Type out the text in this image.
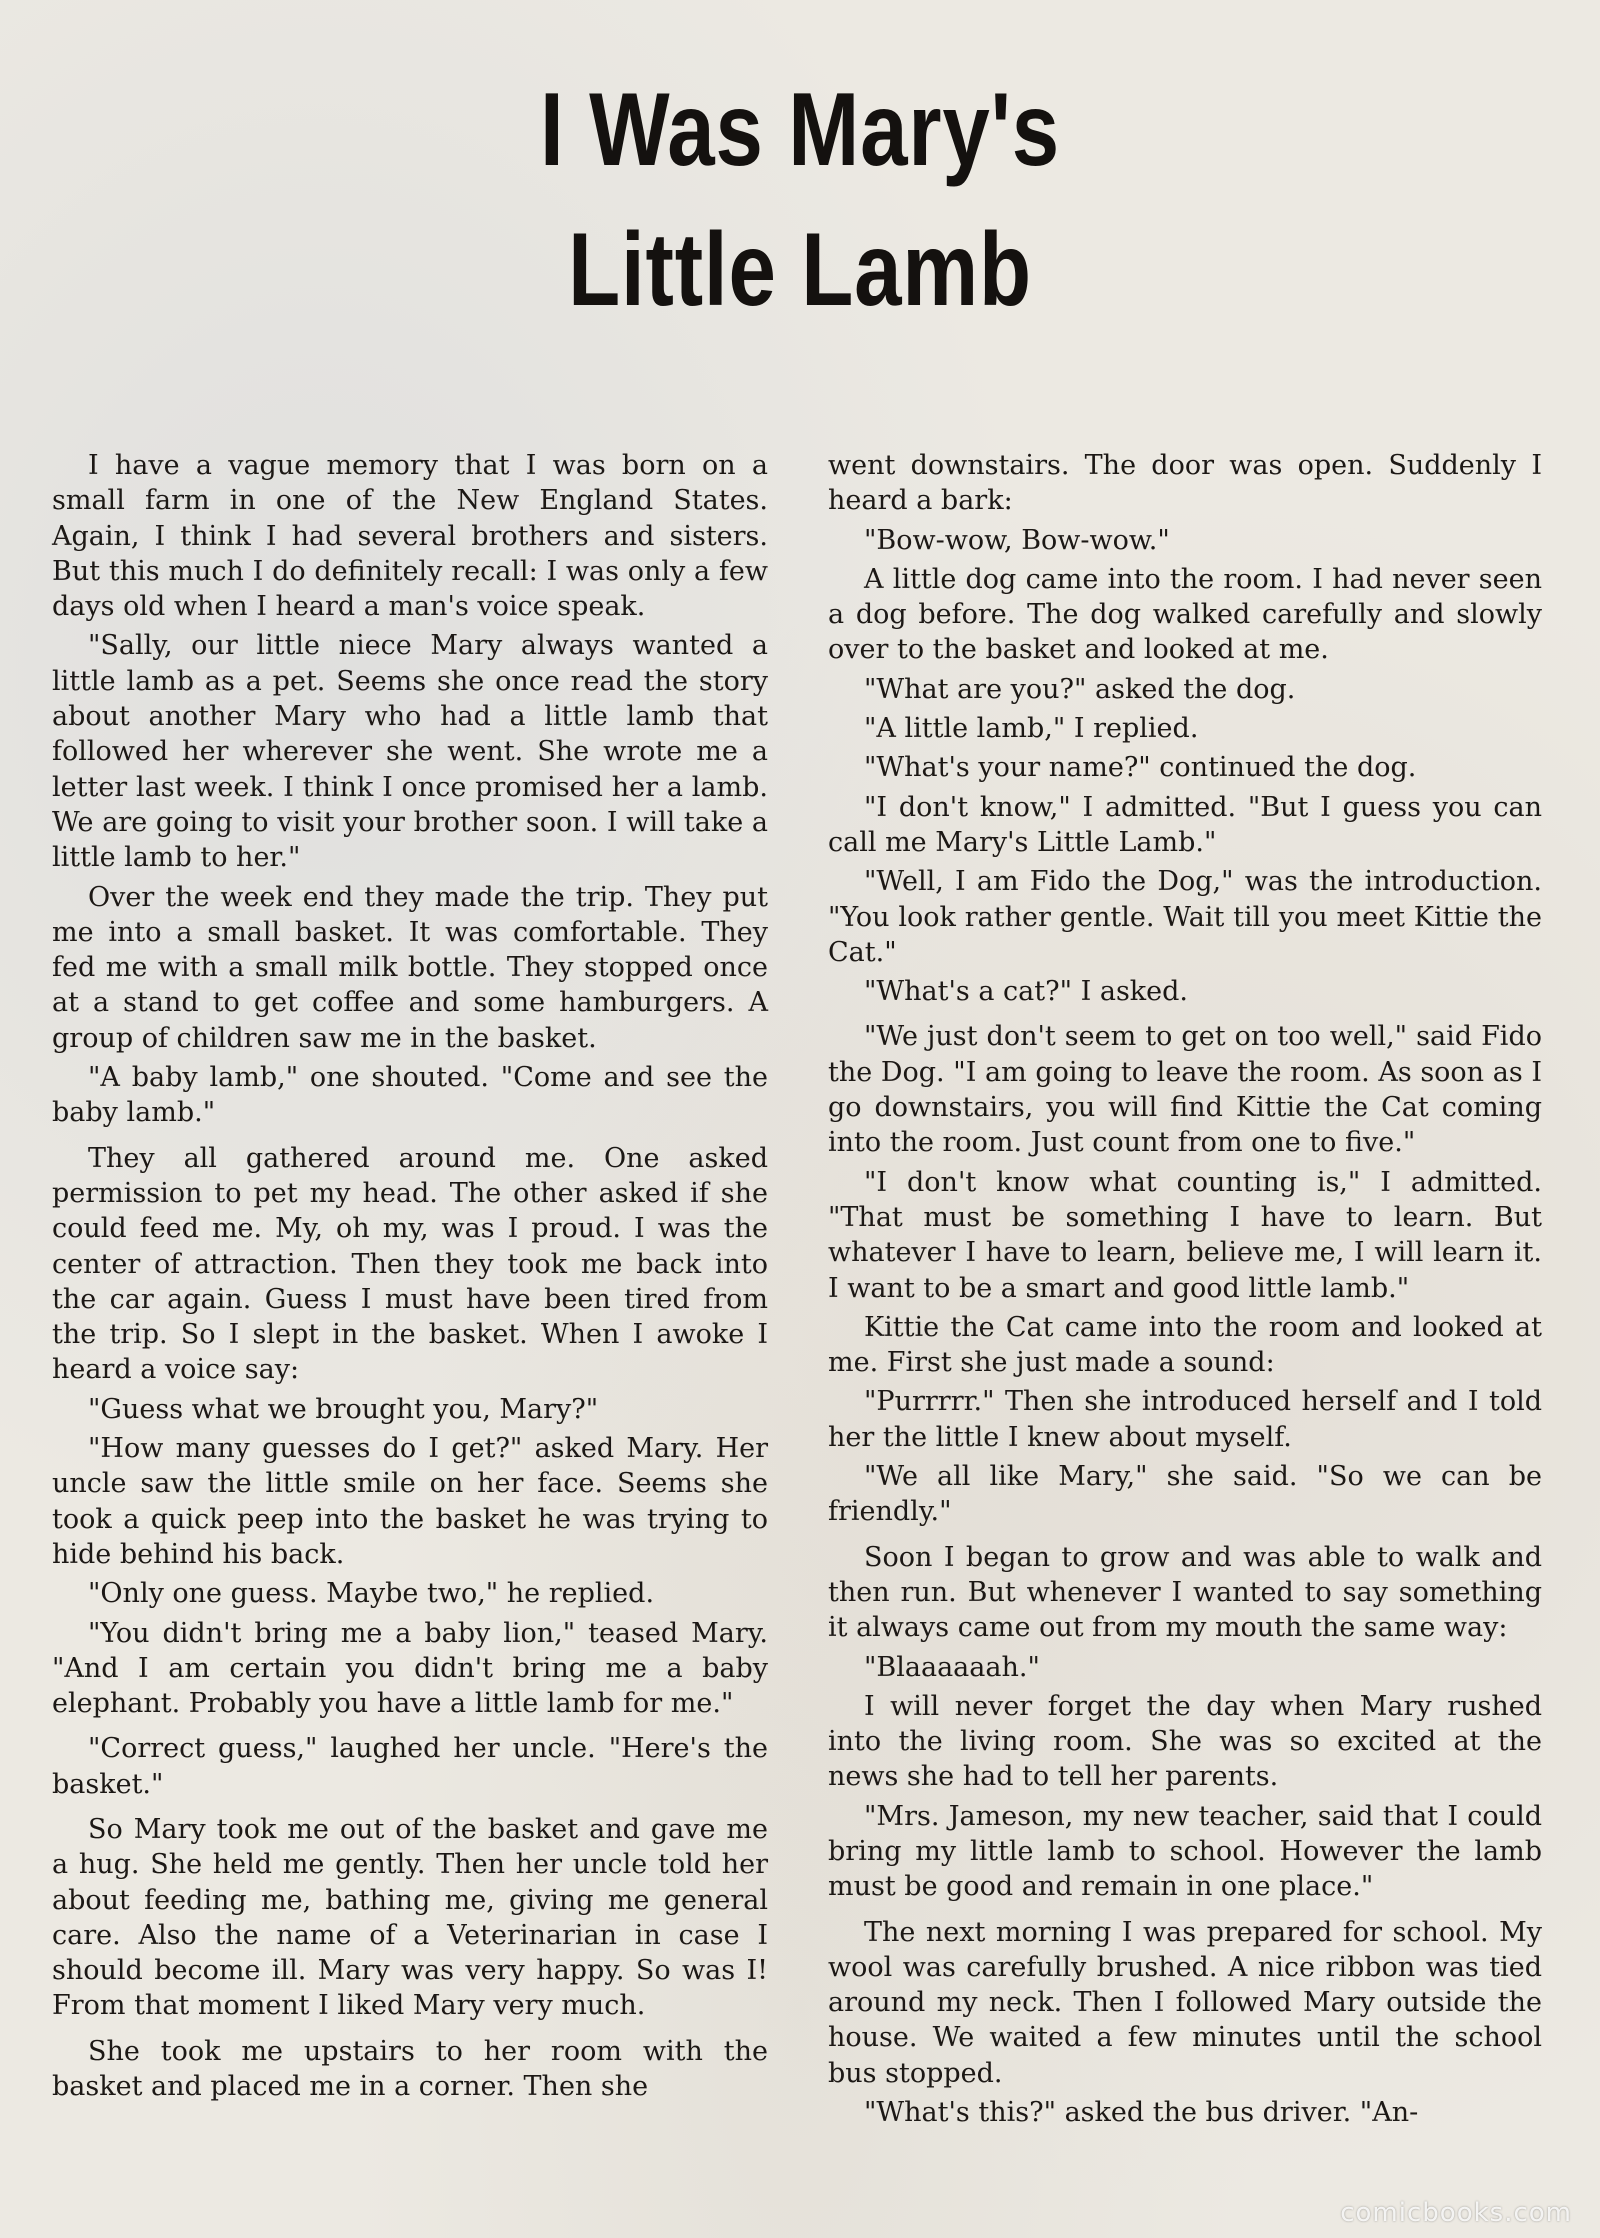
I Was Mary's
Little Lamb

I have a vague memory that I was born on a small farm in one of the New England States. Again, I think I had several brothers and sisters. But this much I do definitely recall: I was only a few days old when I heard a man's voice speak.

"Sally, our little niece Mary always wanted a little lamb as a pet. Seems she once read the story about another Mary who had a little lamb that followed her wherever she went. She wrote me a letter last week. I think I once promised her a lamb. We are going to visit your brother soon. I will take a little lamb to her."

Over the week end they made the trip. They put me into a small basket. It was comfortable. They fed me with a small milk bottle. They stopped once at a stand to get coffee and some hamburgers. A group of children saw me in the basket.

"A baby lamb," one shouted. "Come and see the baby lamb."

They all gathered around me. One asked permission to pet my head. The other asked if she could feed me. My, oh my, was I proud. I was the center of attraction. Then they took me back into the car again. Guess I must have been tired from the trip. So I slept in the basket. When I awoke I heard a voice say:

"Guess what we brought you, Mary?"

"How many guesses do I get?" asked Mary. Her uncle saw the little smile on her face. Seems she took a quick peep into the basket he was trying to hide behind his back.

"Only one guess. Maybe two," he replied.

"You didn't bring me a baby lion," teased Mary. "And I am certain you didn't bring me a baby elephant. Probably you have a little lamb for me."

"Correct guess," laughed her uncle. "Here's the basket."

So Mary took me out of the basket and gave me a hug. She held me gently. Then her uncle told her about feeding me, bathing me, giving me general care. Also the name of a Veterinarian in case I should become ill. Mary was very happy. So was I! From that moment I liked Mary very much.

She took me upstairs to her room with the basket and placed me in a corner. Then she

went downstairs. The door was open. Suddenly I heard a bark:

"Bow-wow, Bow-wow."

A little dog came into the room. I had never seen a dog before. The dog walked carefully and slowly over to the basket and looked at me.

"What are you?" asked the dog.

"A little lamb," I replied.

"What's your name?" continued the dog.

"I don't know," I admitted. "But I guess you can call me Mary's Little Lamb."

"Well, I am Fido the Dog," was the introduction. "You look rather gentle. Wait till you meet Kittie the Cat."

"What's a cat?" I asked.

"We just don't seem to get on too well," said Fido the Dog. "I am going to leave the room. As soon as I go downstairs, you will find Kittie the Cat coming into the room. Just count from one to five."

"I don't know what counting is," I admitted. "That must be something I have to learn. But whatever I have to learn, believe me, I will learn it. I want to be a smart and good little lamb."

Kittie the Cat came into the room and looked at me. First she just made a sound:

"Purrrrr." Then she introduced herself and I told her the little I knew about myself.

"We all like Mary," she said. "So we can be friendly."

Soon I began to grow and was able to walk and then run. But whenever I wanted to say something it always came out from my mouth the same way:

"Blaaaaaah."

I will never forget the day when Mary rushed into the living room. She was so excited at the news she had to tell her parents.

"Mrs. Jameson, my new teacher, said that I could bring my little lamb to school. However the lamb must be good and remain in one place."

The next morning I was prepared for school. My wool was carefully brushed. A nice ribbon was tied around my neck. Then I followed Mary outside the house. We waited a few minutes until the school bus stopped.

"What's this?" asked the bus driver. "An-

comicbooks.com
